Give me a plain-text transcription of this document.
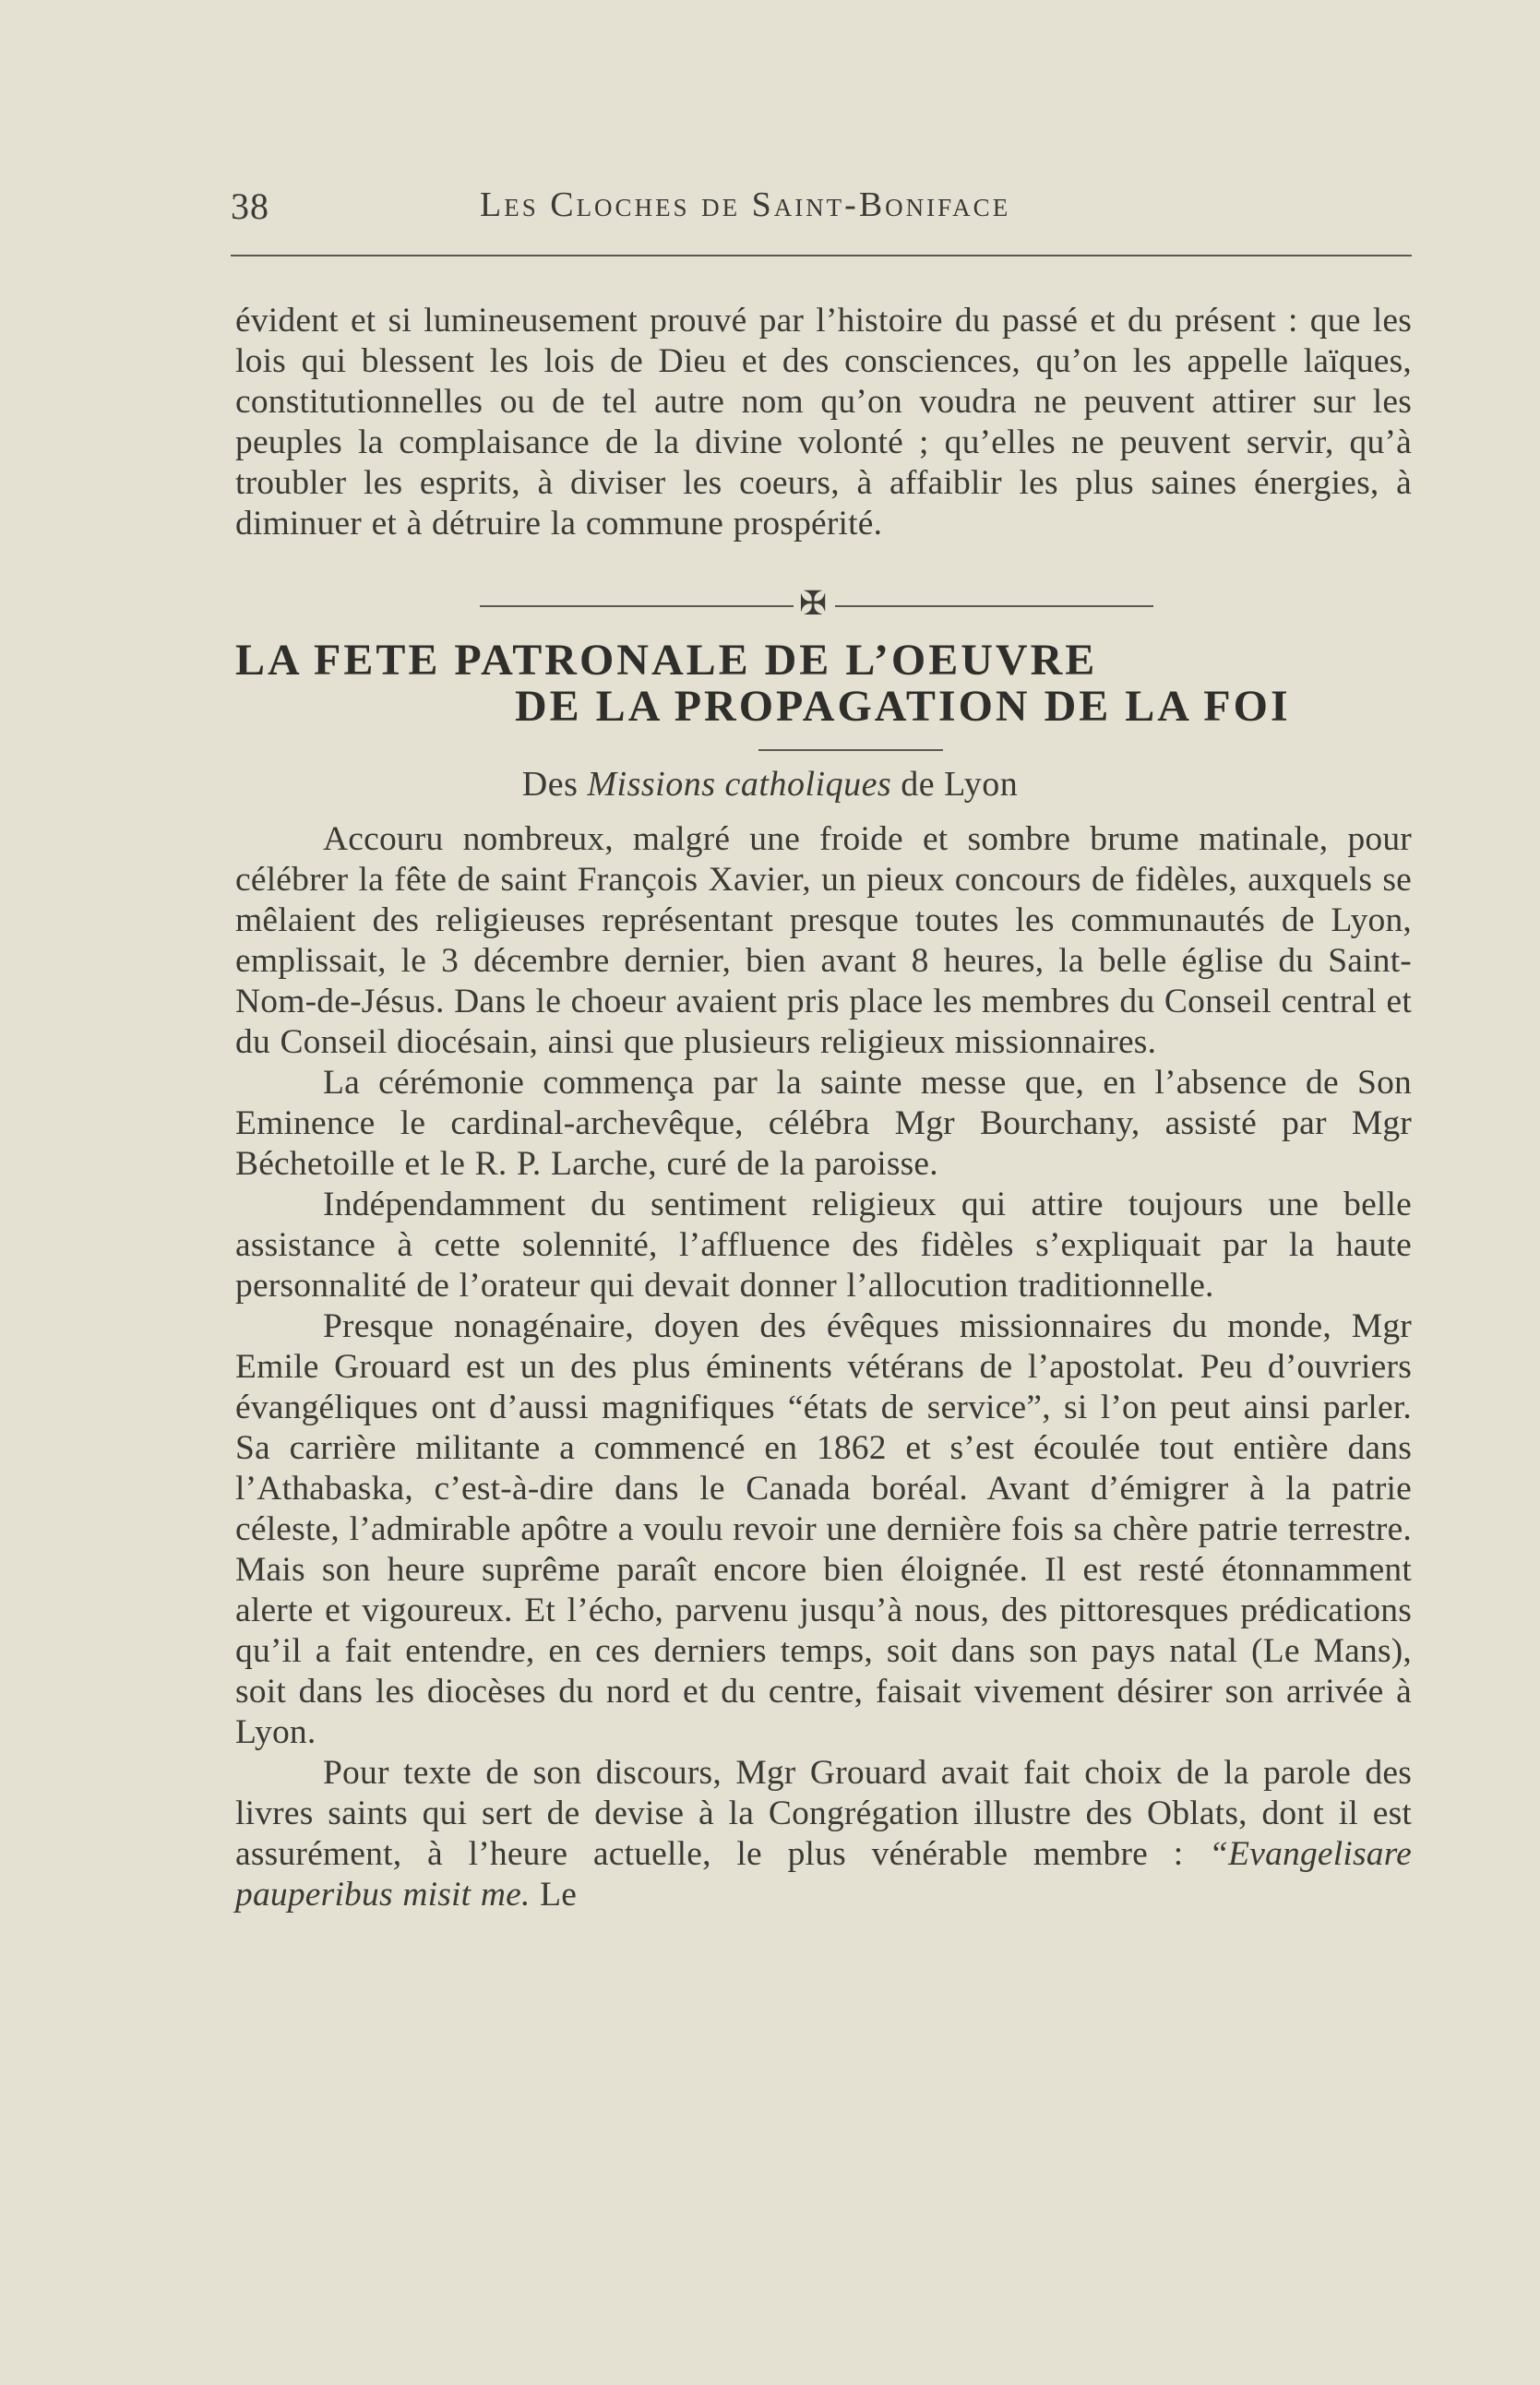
38	Les Cloches de Saint-Boniface

évident et si lumineusement prouvé par l’histoire du passé et du présent : que les lois qui blessent les lois de Dieu et des consciences, qu’on les appelle laïques, constitutionnelles ou de tel autre nom qu’on voudra ne peuvent attirer sur les peuples la complaisance de la divine volonté ; qu’elles ne peuvent servir, qu’à troubler les esprits, à diviser les coeurs, à affaiblir les plus saines énergies, à diminuer et à détruire la commune prospérité.

✠
LA FETE PATRONALE DE L’OEUVRE
DE LA PROPAGATION DE LA FOI
Des Missions catholiques de Lyon

Accouru nombreux, malgré une froide et sombre brume matinale, pour célébrer la fête de saint François Xavier, un pieux concours de fidèles, auxquels se mêlaient des religieuses représentant presque toutes les communautés de Lyon, emplissait, le 3 décembre dernier, bien avant 8 heures, la belle église du Saint-Nom-de-Jésus. Dans le choeur avaient pris place les membres du Conseil central et du Conseil diocésain, ainsi que plusieurs religieux missionnaires.

La cérémonie commença par la sainte messe que, en l’absence de Son Eminence le cardinal-archevêque, célébra Mgr Bourchany, assisté par Mgr Béchetoille et le R. P. Larche, curé de la paroisse.

Indépendamment du sentiment religieux qui attire toujours une belle assistance à cette solennité, l’affluence des fidèles s’expliquait par la haute personnalité de l’orateur qui devait donner l’allocution traditionnelle.

Presque nonagénaire, doyen des évêques missionnaires du monde, Mgr Emile Grouard est un des plus éminents vétérans de l’apostolat. Peu d’ouvriers évangéliques ont d’aussi magnifiques “états de service”, si l’on peut ainsi parler. Sa carrière militante a commencé en 1862 et s’est écoulée tout entière dans l’Athabaska, c’est-à-dire dans le Canada boréal. Avant d’émigrer à la patrie céleste, l’admirable apôtre a voulu revoir une dernière fois sa chère patrie terrestre. Mais son heure suprême paraît encore bien éloignée. Il est resté étonnamment alerte et vigoureux. Et l’écho, parvenu jusqu’à nous, des pittoresques prédications qu’il a fait entendre, en ces derniers temps, soit dans son pays natal (Le Mans), soit dans les diocèses du nord et du centre, faisait vivement désirer son arrivée à Lyon.

Pour texte de son discours, Mgr Grouard avait fait choix de la parole des livres saints qui sert de devise à la Congrégation illustre des Oblats, dont il est assurément, à l’heure actuelle, le plus vénérable membre : “Evangelisare pauperibus misit me. Le
